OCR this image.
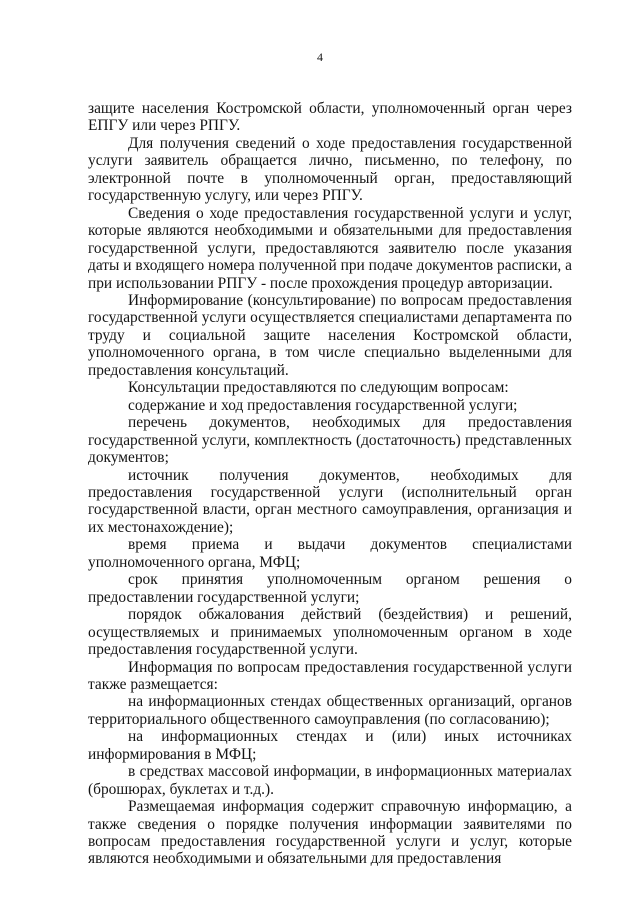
4

защите населения Костромской области, уполномоченный орган через ЕПГУ или через РПГУ.

Для получения сведений о ходе предоставления государственной услуги заявитель обращается лично, письменно, по телефону, по электронной почте в уполномоченный орган, предоставляющий государственную услугу, или через РПГУ.

Сведения о ходе предоставления государственной услуги и услуг, которые являются необходимыми и обязательными для предоставления государственной услуги, предоставляются заявителю после указания даты и входящего номера полученной при подаче документов расписки, а при использовании РПГУ - после прохождения процедур авторизации.

Информирование (консультирование) по вопросам предоставления государственной услуги осуществляется специалистами департамента по труду и социальной защите населения Костромской области, уполномоченного органа, в том числе специально выделенными для предоставления консультаций.

Консультации предоставляются по следующим вопросам:

содержание и ход предоставления государственной услуги;

перечень документов, необходимых для предоставления государственной услуги, комплектность (достаточность) представленных документов;

источник получения документов, необходимых для предоставления государственной услуги (исполнительный орган государственной власти, орган местного самоуправления, организация и их местонахождение);

время приема и выдачи документов специалистами уполномоченного органа, МФЦ;

срок принятия уполномоченным органом решения о предоставлении государственной услуги;

порядок обжалования действий (бездействия) и решений, осуществляемых и принимаемых уполномоченным органом в ходе предоставления государственной услуги.

Информация по вопросам предоставления государственной услуги также размещается:

на информационных стендах общественных организаций, органов территориального общественного самоуправления (по согласованию);

на информационных стендах и (или) иных источниках информирования в МФЦ;

в средствах массовой информации, в информационных материалах (брошюрах, буклетах и т.д.).

Размещаемая информация содержит справочную информацию, а также сведения о порядке получения информации заявителями по вопросам предоставления государственной услуги и услуг, которые являются необходимыми и обязательными для предоставления
